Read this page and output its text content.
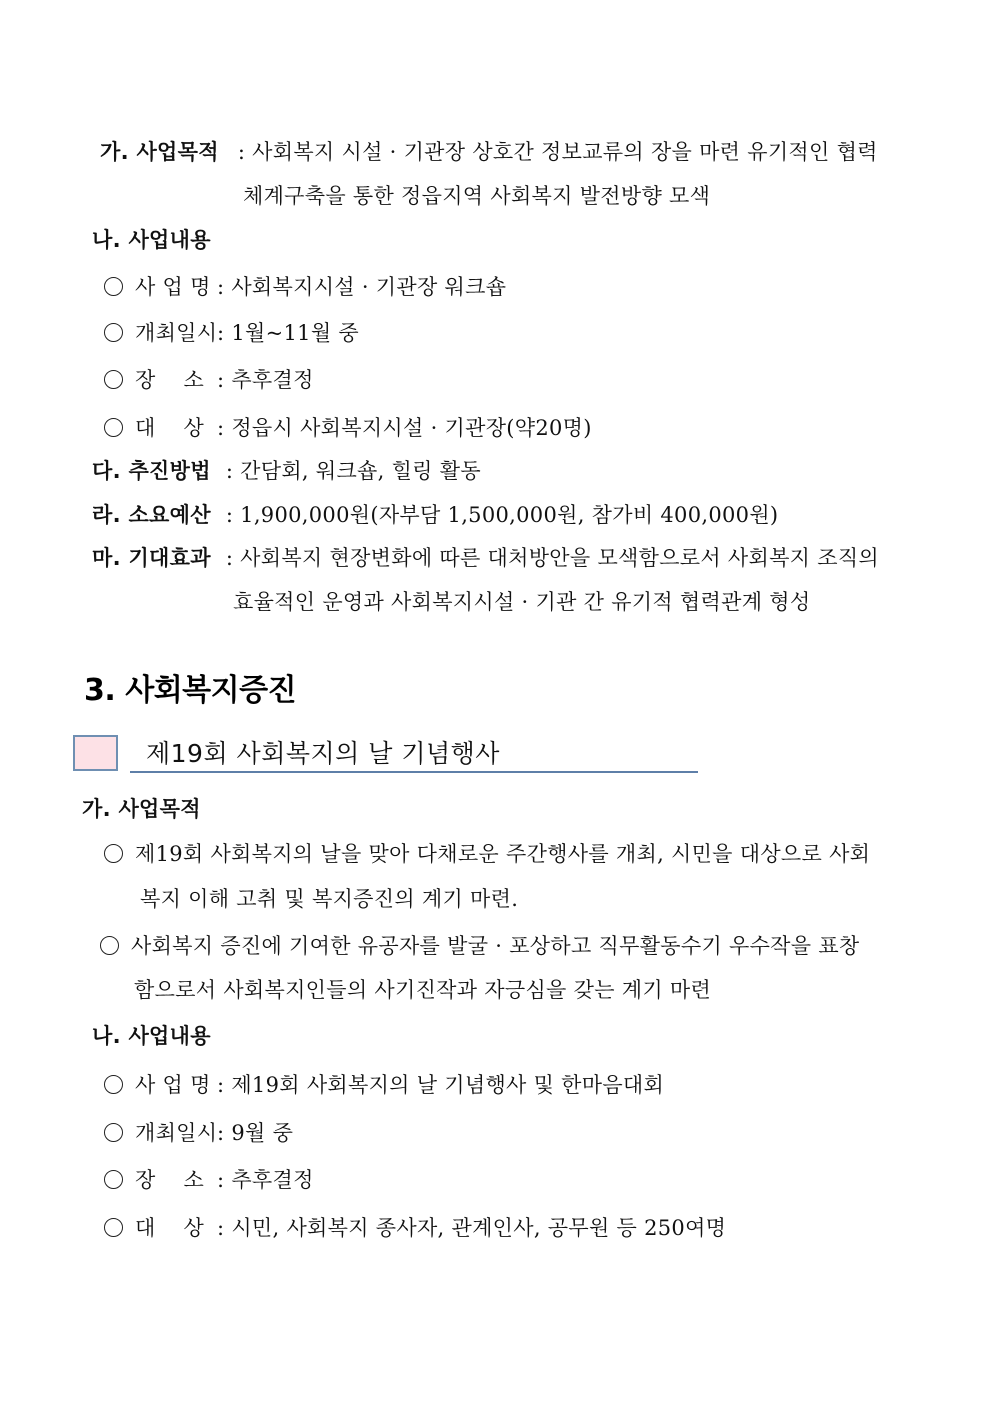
가. 사업목적 : 사회복지 시설 · 기관장 상호간 정보교류의 장을 마련 유기적인 협력
체계구축을 통한 정읍지역 사회복지 발전방향 모색
나. 사업내용
사 업 명 : 사회복지시설 · 기관장 워크숍
개최일시: 1월~11월 중
장    소 : 추후결정
대    상 : 정읍시 사회복지시설 · 기관장(약20명)
다. 추진방법 : 간담회, 워크숍, 힐링 활동
라. 소요예산 : 1,900,000원(자부담 1,500,000원, 참가비 400,000원)
마. 기대효과 : 사회복지 현장변화에 따른 대처방안을 모색함으로서 사회복지 조직의
효율적인 운영과 사회복지시설 · 기관 간 유기적 협력관계 형성
3. 사회복지증진
제19회 사회복지의 날 기념행사
가. 사업목적
제19회 사회복지의 날을 맞아 다채로운 주간행사를 개최, 시민을 대상으로 사회
복지 이해 고취 및 복지증진의 계기 마련.
사회복지 증진에 기여한 유공자를 발굴 · 포상하고 직무활동수기 우수작을 표창
함으로서 사회복지인들의 사기진작과 자긍심을 갖는 계기 마련
나. 사업내용
사 업 명 : 제19회 사회복지의 날 기념행사 및 한마음대회
개최일시: 9월 중
장    소 : 추후결정
대    상 : 시민, 사회복지 종사자, 관계인사, 공무원 등 250여명
